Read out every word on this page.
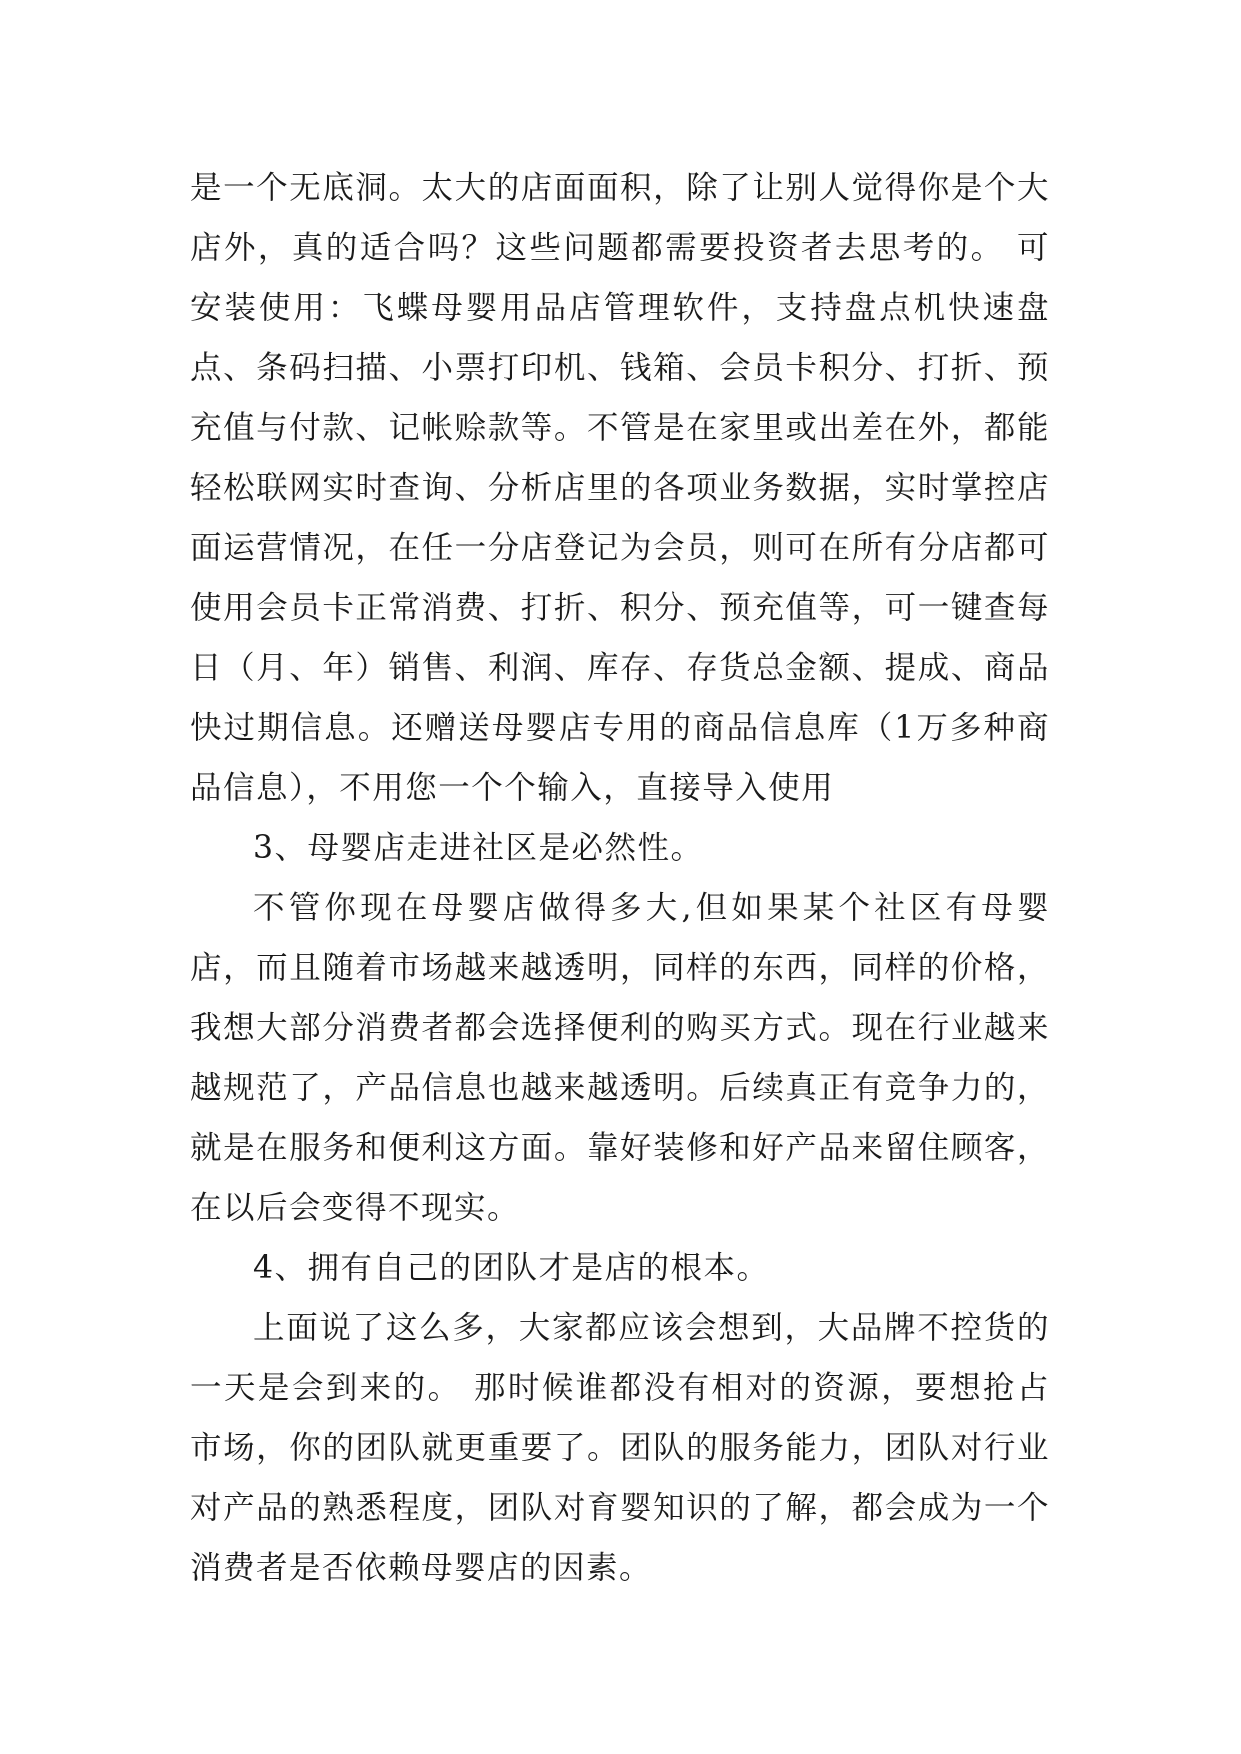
是一个无底洞。太大的店面面积，除了让别人觉得你是个大店外，真的适合吗？这些问题都需要投资者去思考的。 可安装使用：飞蝶母婴用品店管理软件，支持盘点机快速盘点、条码扫描、小票打印机、钱箱、会员卡积分、打折、预充值与付款、记帐赊款等。不管是在家里或出差在外，都能轻松联网实时查询、分析店里的各项业务数据，实时掌控店面运营情况，在任一分店登记为会员，则可在所有分店都可使用会员卡正常消费、打折、积分、预充值等，可一键查每日（月、年）销售、利润、库存、存货总金额、提成、商品快过期信息。还赠送母婴店专用的商品信息库（1万多种商品信息），不用您一个个输入，直接导入使用

3、母婴店走进社区是必然性。

不管你现在母婴店做得多大,但如果某个社区有母婴店，而且随着市场越来越透明，同样的东西，同样的价格，我想大部分消费者都会选择便利的购买方式。现在行业越来越规范了，产品信息也越来越透明。后续真正有竞争力的，就是在服务和便利这方面。靠好装修和好产品来留住顾客，在以后会变得不现实。

4、拥有自己的团队才是店的根本。

上面说了这么多，大家都应该会想到，大品牌不控货的一天是会到来的。 那时候谁都没有相对的资源，要想抢占市场，你的团队就更重要了。团队的服务能力，团队对行业对产品的熟悉程度，团队对育婴知识的了解，都会成为一个消费者是否依赖母婴店的因素。
